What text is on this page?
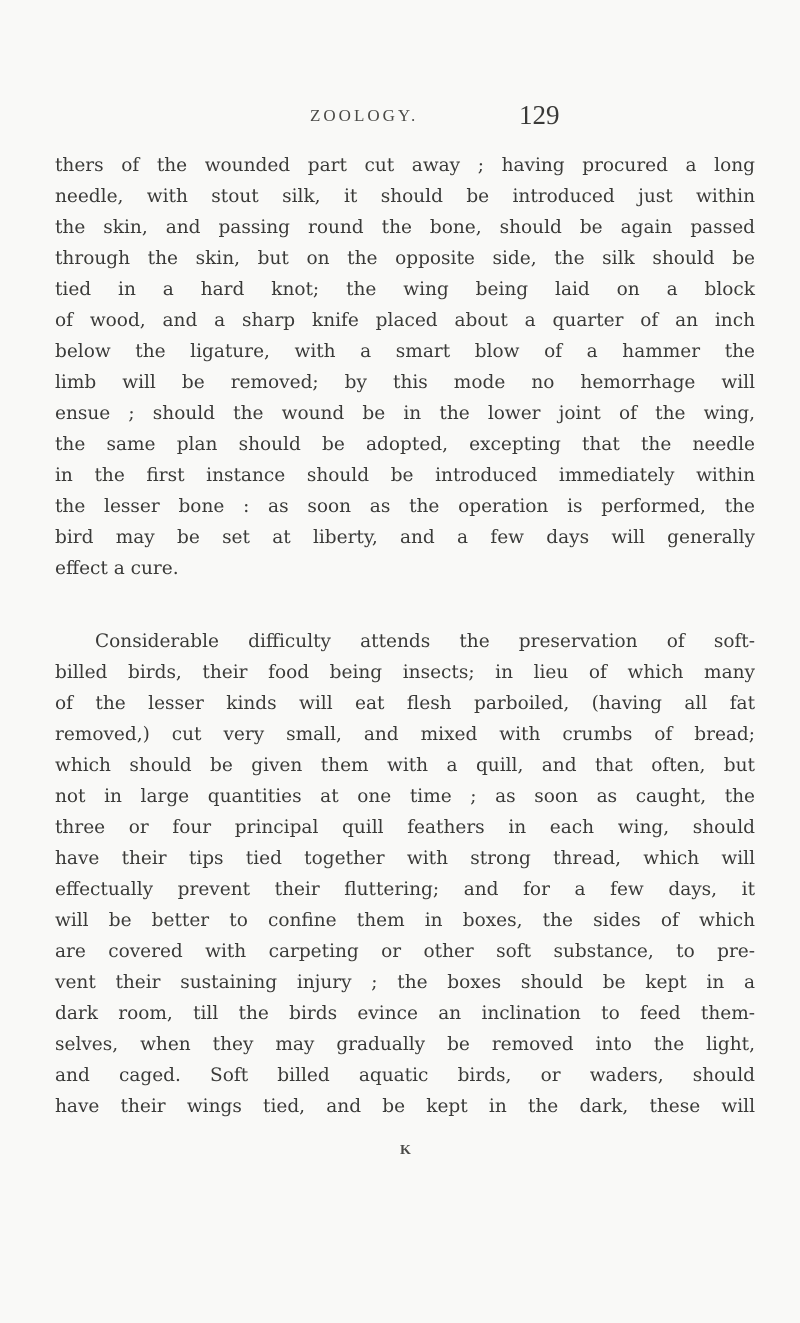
ZOOLOGY.	129
thers of the wounded part cut away ; having procured a long
needle, with stout silk, it should be introduced just within
the skin, and passing round the bone, should be again passed
through the skin, but on the opposite side, the silk should be
tied in a hard knot; the wing being laid on a block
of wood, and a sharp knife placed about a quarter of an inch
below the ligature, with a smart blow of a hammer the
limb will be removed; by this mode no hemorrhage will
ensue ; should the wound be in the lower joint of the wing,
the same plan should be adopted, excepting that the needle
in the first instance should be introduced immediately within
the lesser bone : as soon as the operation is performed, the
bird may be set at liberty, and a few days will generally
effect a cure.
Considerable difficulty attends the preservation of soft-
billed birds, their food being insects; in lieu of which many
of the lesser kinds will eat flesh parboiled, (having all fat
removed,) cut very small, and mixed with crumbs of bread;
which should be given them with a quill, and that often, but
not in large quantities at one time ; as soon as caught, the
three or four principal quill feathers in each wing, should
have their tips tied together with strong thread, which will
effectually prevent their fluttering; and for a few days, it
will be better to confine them in boxes, the sides of which
are covered with carpeting or other soft substance, to pre-
vent their sustaining injury ; the boxes should be kept in a
dark room, till the birds evince an inclination to feed them-
selves, when they may gradually be removed into the light,
and caged. Soft billed aquatic birds, or waders, should
have their wings tied, and be kept in the dark, these will
K
